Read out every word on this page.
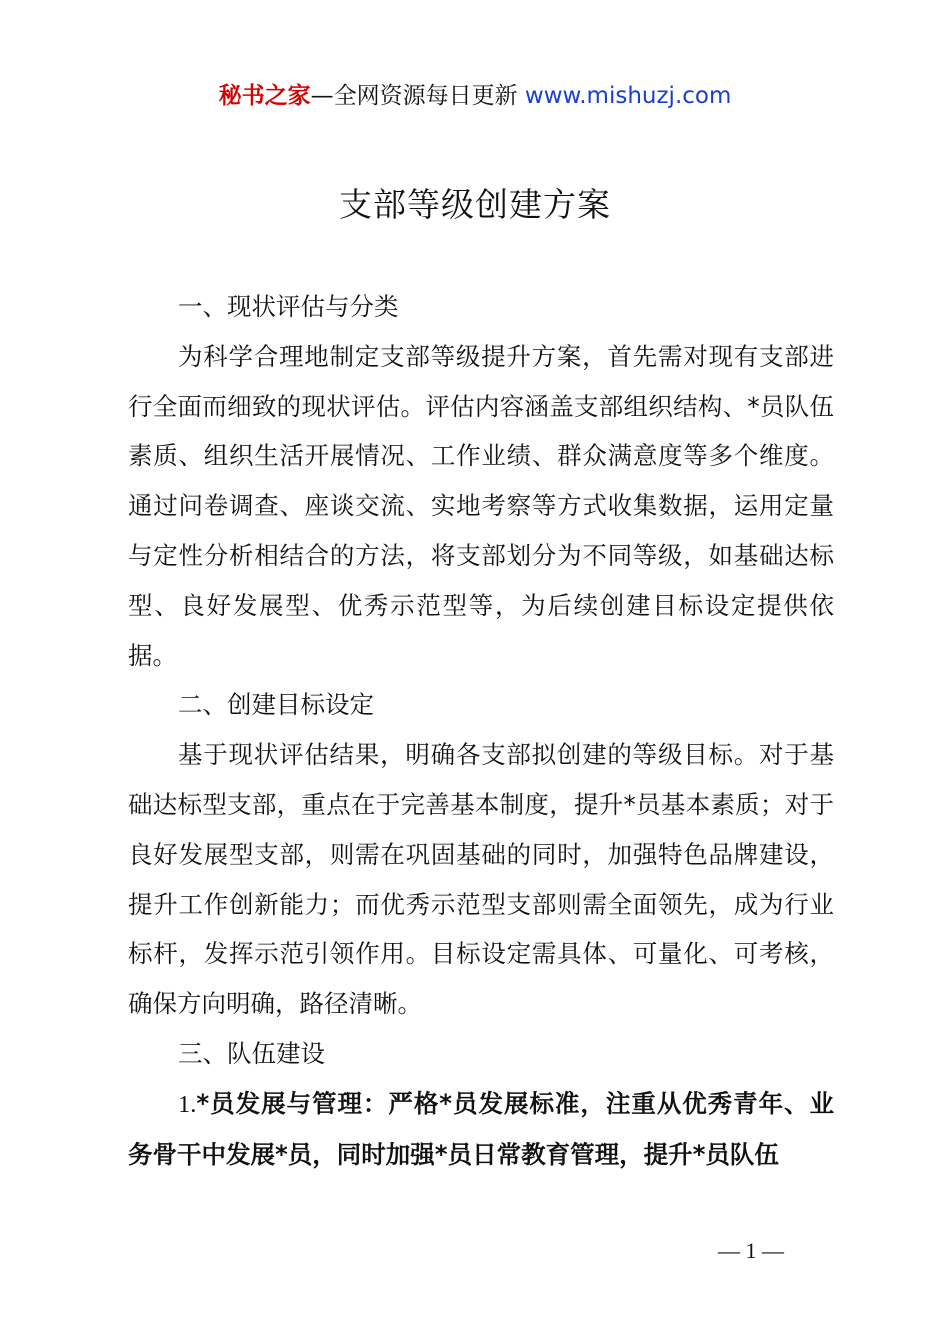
秘书之家—全网资源每日更新 www.mishuzj.com
支部等级创建方案

一、现状评估与分类

为科学合理地制定支部等级提升方案，首先需对现有支部进行全面而细致的现状评估。评估内容涵盖支部组织结构、*员队伍素质、组织生活开展情况、工作业绩、群众满意度等多个维度。通过问卷调查、座谈交流、实地考察等方式收集数据，运用定量与定性分析相结合的方法，将支部划分为不同等级，如基础达标型、良好发展型、优秀示范型等，为后续创建目标设定提供依据。

二、创建目标设定

基于现状评估结果，明确各支部拟创建的等级目标。对于基础达标型支部，重点在于完善基本制度，提升*员基本素质；对于良好发展型支部，则需在巩固基础的同时，加强特色品牌建设，提升工作创新能力；而优秀示范型支部则需全面领先，成为行业标杆，发挥示范引领作用。目标设定需具体、可量化、可考核，确保方向明确，路径清晰。

三、队伍建设

1.*员发展与管理：严格*员发展标准，注重从优秀青年、业务骨干中发展*员，同时加强*员日常教育管理，提升*员队伍

— 1 —
